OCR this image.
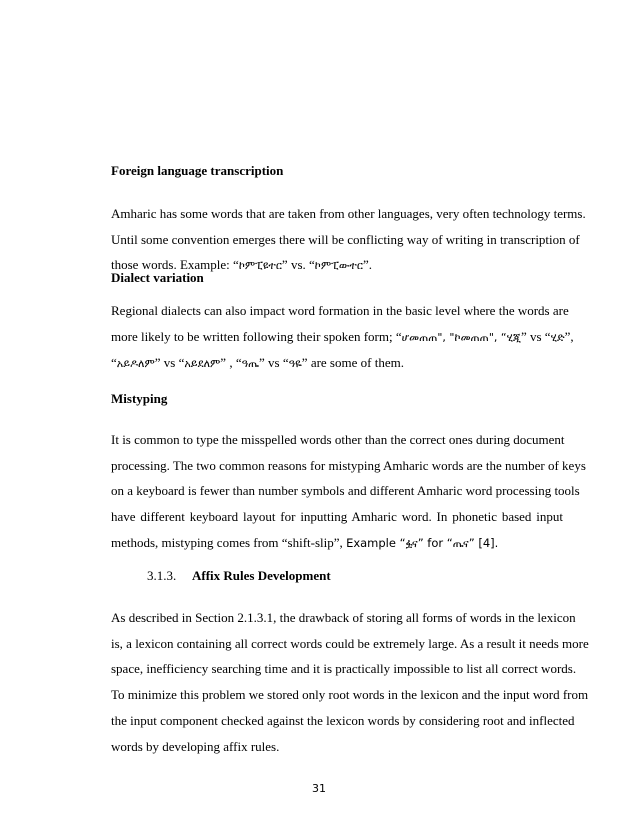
Foreign language transcription
Amharic has some words that are taken from other languages, very often technology terms.
Until some convention emerges there will be conflicting way of writing in transcription of
those words. Example: “ኮምፒዩተር” vs. “ኮምፒውተር”.
Dialect variation
Regional dialects can also impact word formation in the basic level where the words are
more likely to be written following their spoken form; “ሆመጠጠ", "ኮመጠጠ", “ሂጂ” vs “ሂድ”,
“አይዶለም” vs “አይደለም” , “ዓጤ” vs “ዓዬ” are some of them.
Mistyping
It is common to type the misspelled words other than the correct ones during document
processing. The two common reasons for mistyping Amharic words are the number of keys
on a keyboard is fewer than number symbols and different Amharic word processing tools
have different keyboard layout for inputting Amharic word. In phonetic based input
methods, mistyping comes from “shift-slip”, Example “ፏና” for “ጤና” [4].
3.1.3. Affix Rules Development
As described in Section 2.1.3.1, the drawback of storing all forms of words in the lexicon
is, a lexicon containing all correct words could be extremely large. As a result it needs more
space, inefficiency searching time and it is practically impossible to list all correct words.
To minimize this problem we stored only root words in the lexicon and the input word from
the input component checked against the lexicon words by considering root and inflected
words by developing affix rules.
31
